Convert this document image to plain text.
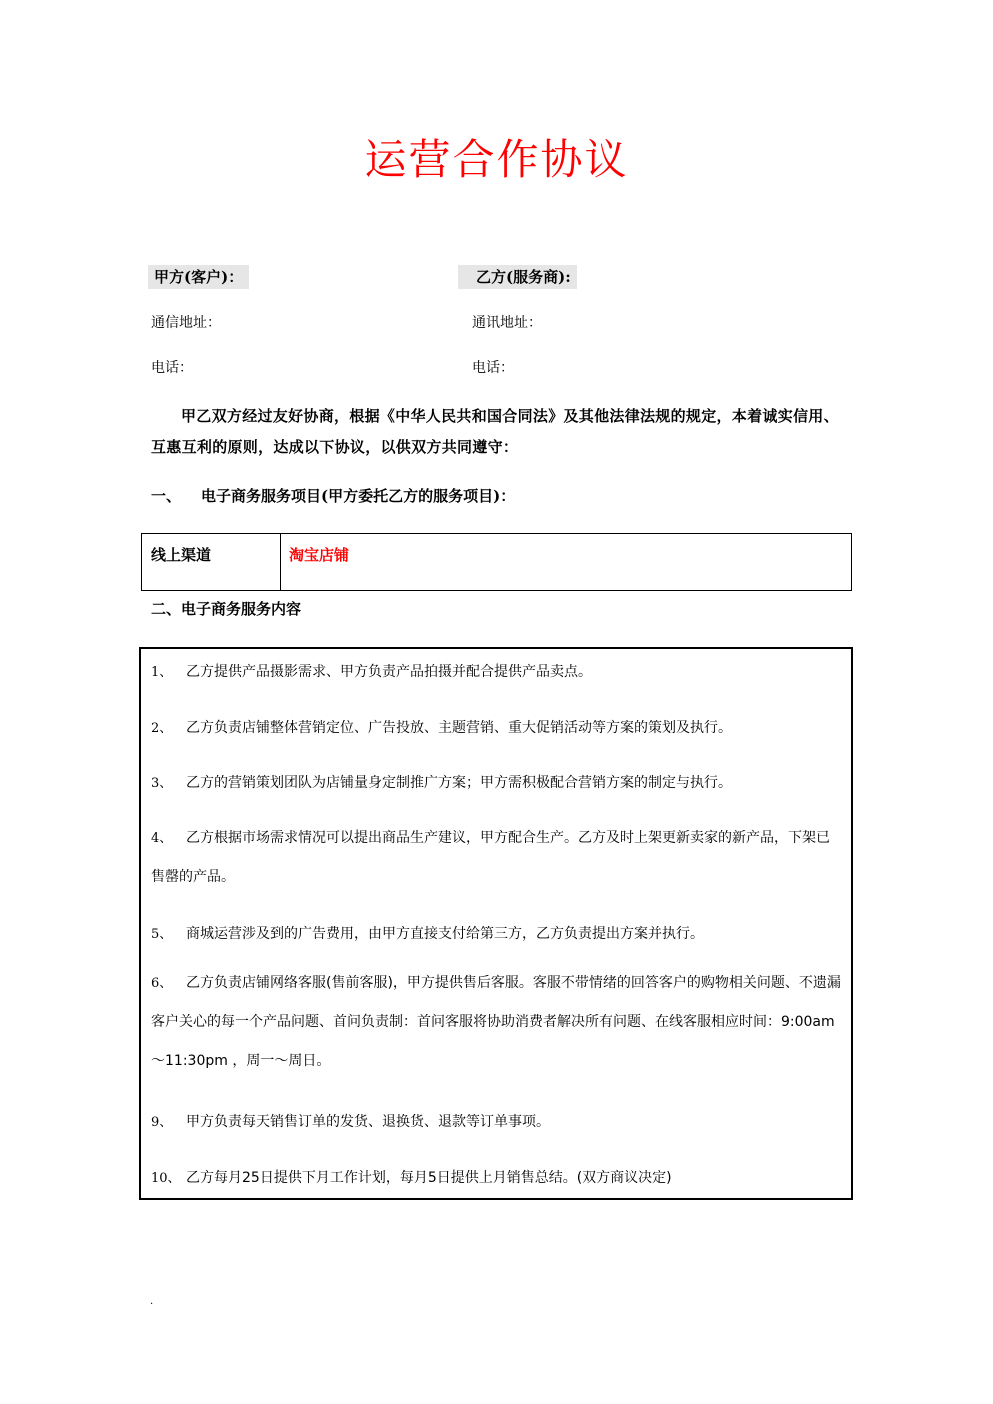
运营合作协议
甲方(客户)：	乙方(服务商):
通信地址：	通讯地址：
电话：	电话：
甲乙双方经过友好协商，根据《中华人民共和国合同法》及其他法律法规的规定，本着诚实信用、互惠互利的原则，达成以下协议，以供双方共同遵守：
一、 电子商务服务项目(甲方委托乙方的服务项目)：
线上渠道	淘宝店铺
二、电子商务服务内容
1、 乙方提供产品摄影需求、甲方负责产品拍摄并配合提供产品卖点。
2、 乙方负责店铺整体营销定位、广告投放、主题营销、重大促销活动等方案的策划及执行。
3、 乙方的营销策划团队为店铺量身定制推广方案；甲方需积极配合营销方案的制定与执行。
4、 乙方根据市场需求情况可以提出商品生产建议，甲方配合生产。乙方及时上架更新卖家的新产品，下架已售罄的产品。
5、 商城运营涉及到的广告费用，由甲方直接支付给第三方，乙方负责提出方案并执行。
6、 乙方负责店铺网络客服(售前客服)，甲方提供售后客服。客服不带情绪的回答客户的购物相关问题、不遗漏客户关心的每一个产品问题、首问负责制：首问客服将协助消费者解决所有问题、在线客服相应时间：9:00am ～11:30pm ，周一～周日。
9、 甲方负责每天销售订单的发货、退换货、退款等订单事项。
10、 乙方每月25日提供下月工作计划，每月5日提供上月销售总结。(双方商议决定)
.
